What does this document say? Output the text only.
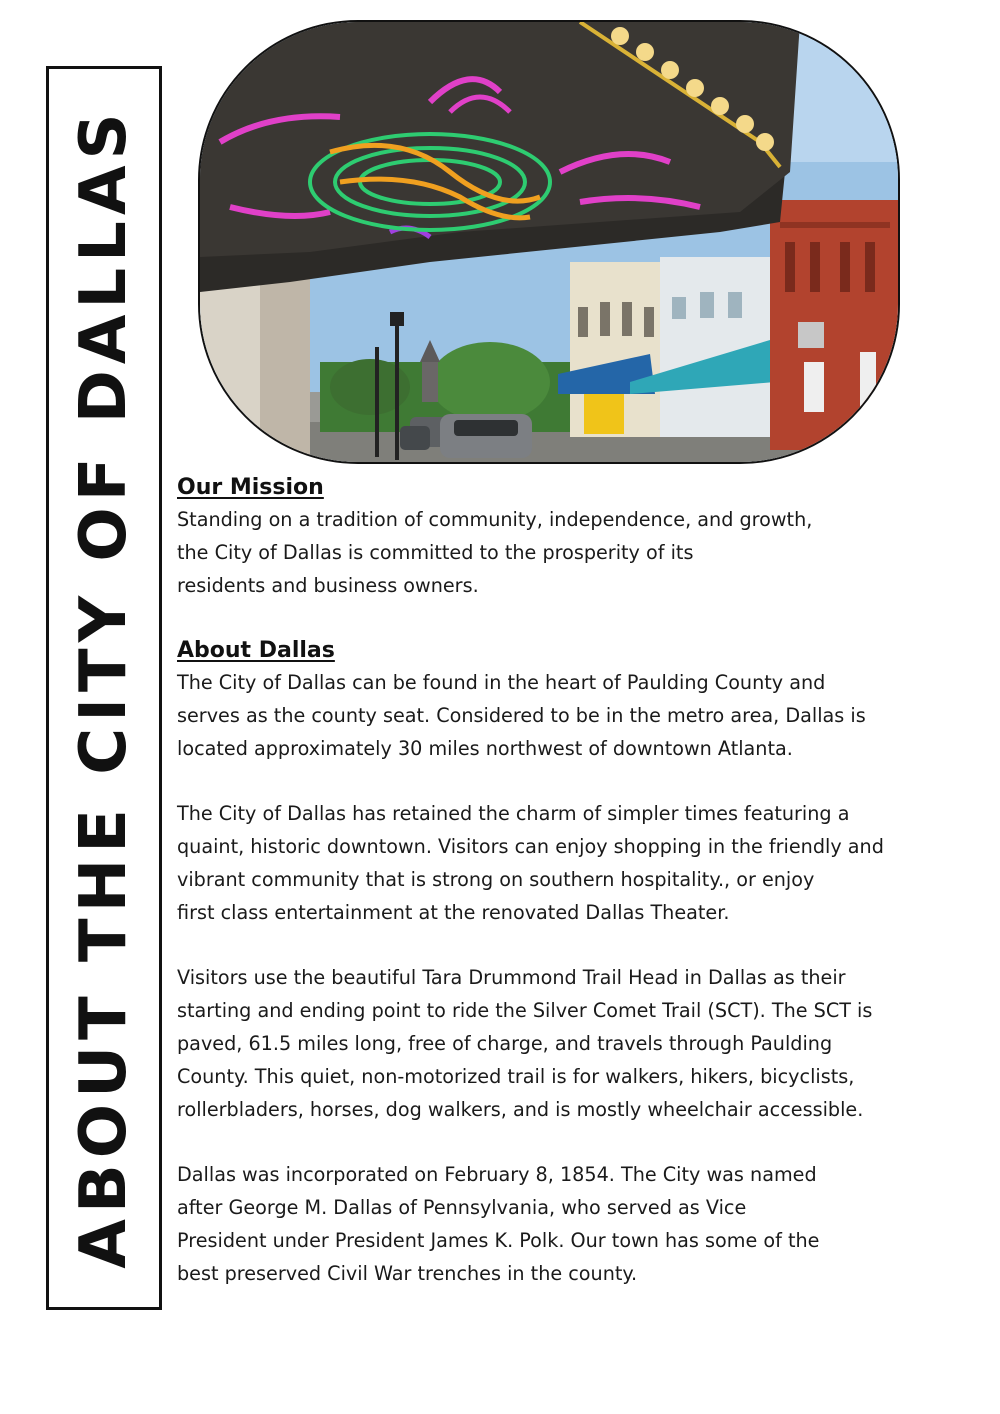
ABOUT THE CITY OF DALLAS Our Mission

Standing on a tradition of community, independence, and growth,
the City of Dallas is committed to the prosperity of its
residents and business owners.

About Dallas

The City of Dallas can be found in the heart of Paulding County and
serves as the county seat. Considered to be in the metro area, Dallas is
located approximately 30 miles northwest of downtown Atlanta.

The City of Dallas has retained the charm of simpler times featuring a
quaint, historic downtown. Visitors can enjoy shopping in the friendly and
vibrant community that is strong on southern hospitality., or enjoy
first class entertainment at the renovated Dallas Theater.

Visitors use the beautiful Tara Drummond Trail Head in Dallas as their
starting and ending point to ride the Silver Comet Trail (SCT). The SCT is
paved, 61.5 miles long, free of charge, and travels through Paulding
County. This quiet, non-motorized trail is for walkers, hikers, bicyclists,
rollerbladers, horses, dog walkers, and is mostly wheelchair accessible.

Dallas was incorporated on February 8, 1854. The City was named
after George M. Dallas of Pennsylvania, who served as Vice
President under President James K. Polk. Our town has some of the
best preserved Civil War trenches in the county.
